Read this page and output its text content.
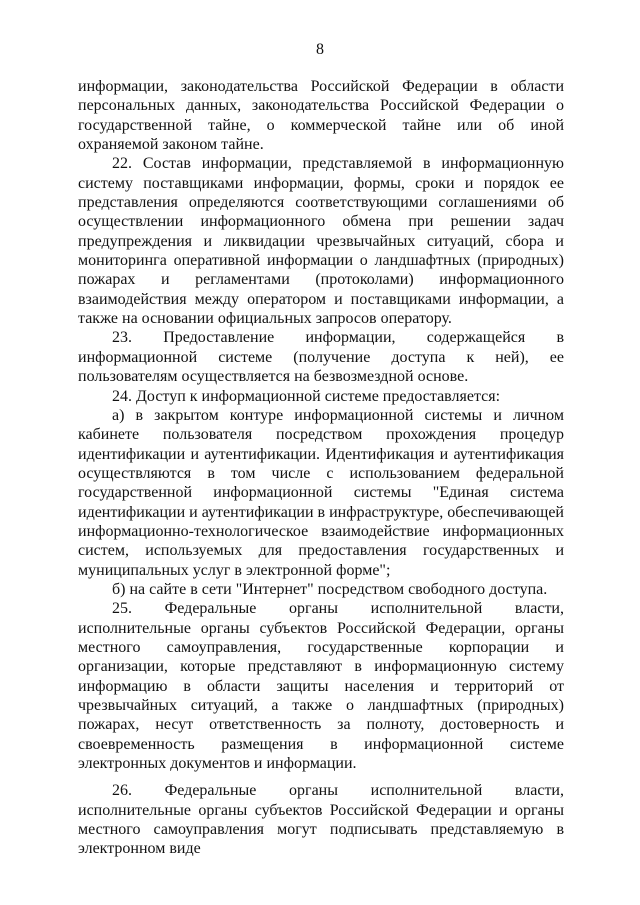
8

информации, законодательства Российской Федерации в области персональных данных, законодательства Российской Федерации о государственной тайне, о коммерческой тайне или об иной охраняемой законом тайне.

22. Состав информации, представляемой в информационную систему поставщиками информации, формы, сроки и порядок ее представления определяются соответствующими соглашениями об осуществлении информационного обмена при решении задач предупреждения и ликвидации чрезвычайных ситуаций, сбора и мониторинга оперативной информации о ландшафтных (природных) пожарах и регламентами (протоколами) информационного взаимодействия между оператором и поставщиками информации, а также на основании официальных запросов оператору.

23. Предоставление информации, содержащейся в информационной системе (получение доступа к ней), ее пользователям осуществляется на безвозмездной основе.

24. Доступ к информационной системе предоставляется:

а) в закрытом контуре информационной системы и личном кабинете пользователя посредством прохождения процедур идентификации и аутентификации. Идентификация и аутентификация осуществляются в том числе с использованием федеральной государственной информационной системы "Единая система идентификации и аутентификации в инфраструктуре, обеспечивающей информационно-технологическое взаимодействие информационных систем, используемых для предоставления государственных и муниципальных услуг в электронной форме";

б) на сайте в сети "Интернет" посредством свободного доступа.

25. Федеральные органы исполнительной власти, исполнительные органы субъектов Российской Федерации, органы местного самоуправления, государственные корпорации и организации, которые представляют в информационную систему информацию в области защиты населения и территорий от чрезвычайных ситуаций, а также о ландшафтных (природных) пожарах, несут ответственность за полноту, достоверность и своевременность размещения в информационной системе электронных документов и информации.

26. Федеральные органы исполнительной власти, исполнительные органы субъектов Российской Федерации и органы местного самоуправления могут подписывать представляемую в электронном виде
